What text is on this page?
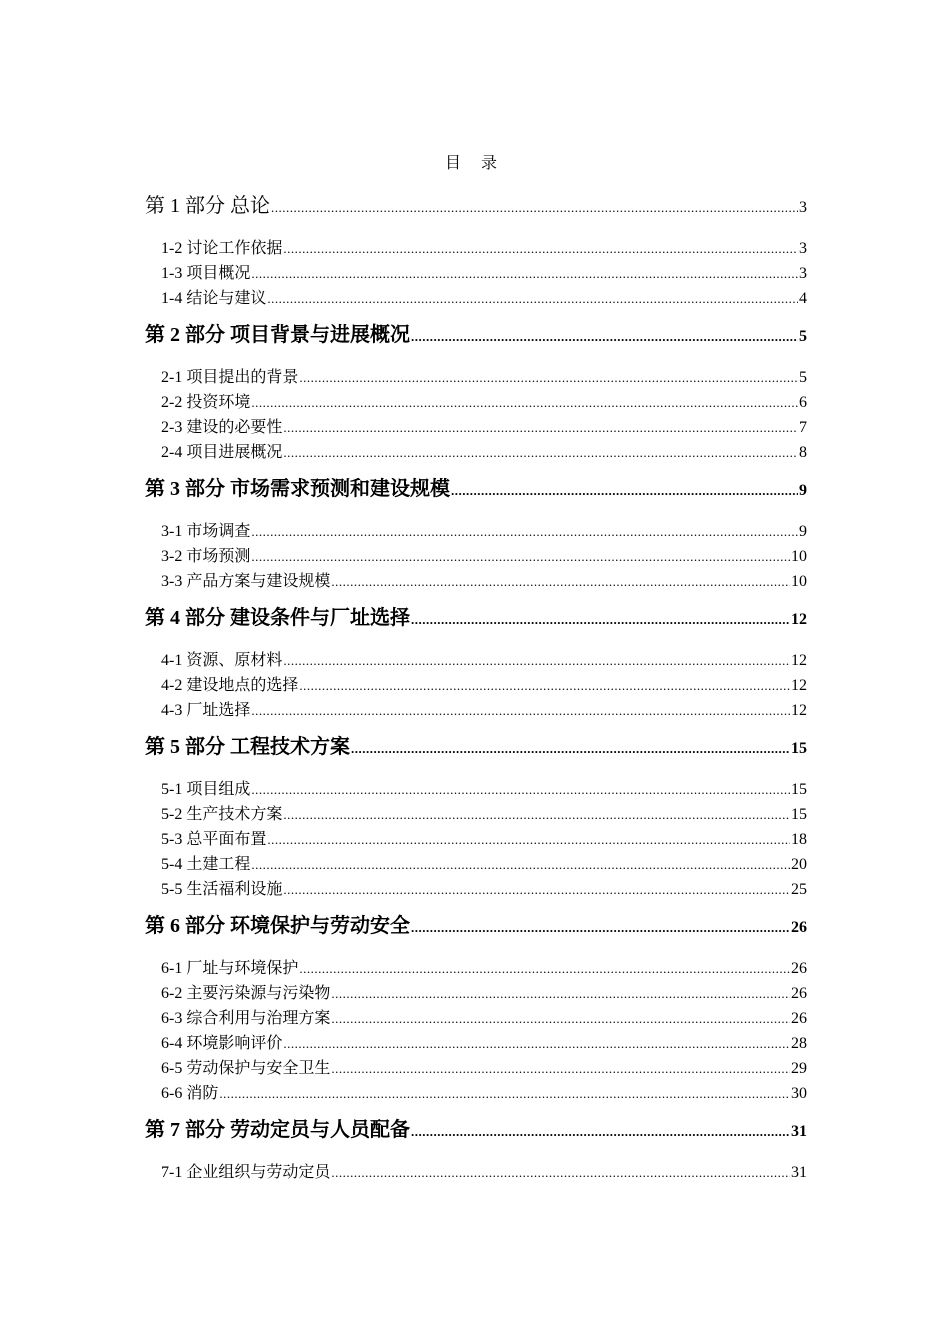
目 录
第 1 部分 总论 .....	3
1-2 讨论工作依据 .....	3
1-3 项目概况 .....	3
1-4 结论与建议 .....	4
第 2 部分 项目背景与进展概况 .....	5
2-1 项目提出的背景 .....	5
2-2 投资环境 .....	6
2-3 建设的必要性 .....	7
2-4 项目进展概况 .....	8
第 3 部分 市场需求预测和建设规模 .....	9
3-1 市场调查 .....	9
3-2 市场预测 .....	10
3-3 产品方案与建设规模 .....	10
第 4 部分 建设条件与厂址选择 .....	12
4-1 资源、原材料 .....	12
4-2 建设地点的选择 .....	12
4-3 厂址选择 .....	12
第 5 部分 工程技术方案 .....	15
5-1 项目组成 .....	15
5-2 生产技术方案 .....	15
5-3 总平面布置 .....	18
5-4 土建工程 .....	20
5-5 生活福利设施 .....	25
第 6 部分 环境保护与劳动安全 .....	26
6-1 厂址与环境保护 .....	26
6-2 主要污染源与污染物 .....	26
6-3 综合利用与治理方案 .....	26
6-4 环境影响评价 .....	28
6-5 劳动保护与安全卫生 .....	29
6-6 消防 .....	30
第 7 部分 劳动定员与人员配备 .....	31
7-1 企业组织与劳动定员 .....	31
